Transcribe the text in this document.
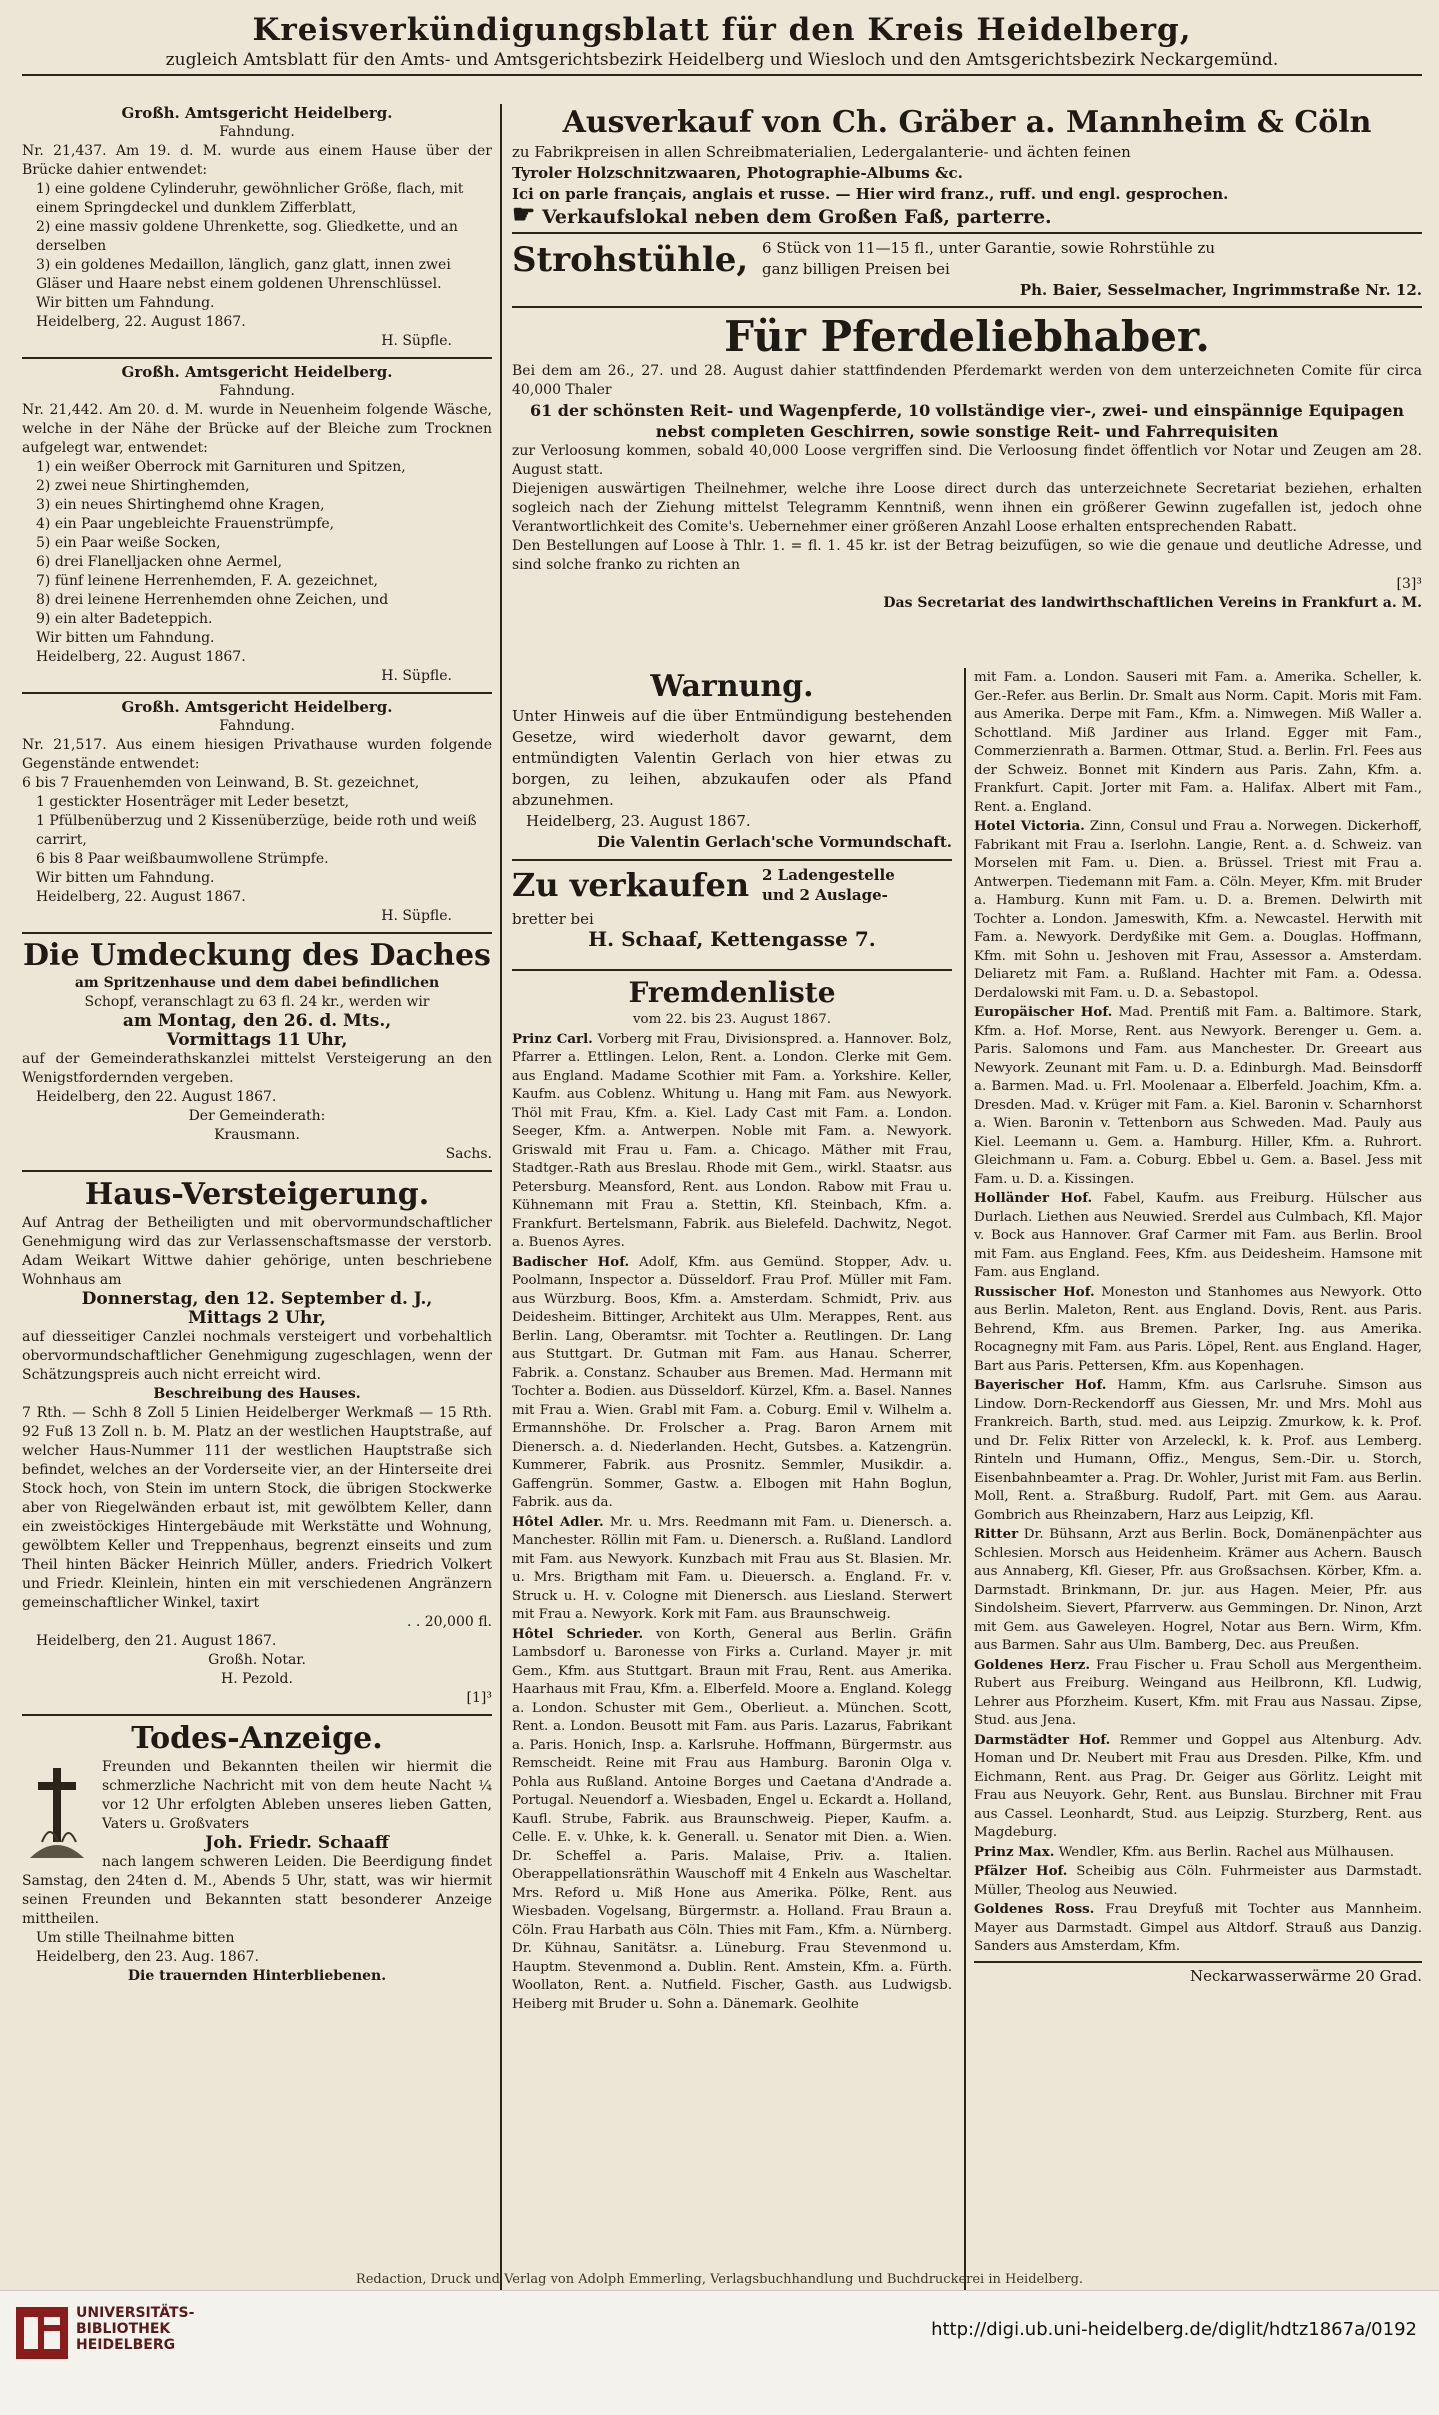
Kreisverkündigungsblatt für den Kreis Heidelberg,
zugleich Amtsblatt für den Amts- und Amtsgerichtsbezirk Heidelberg und Wiesloch und den Amtsgerichtsbezirk Neckargemünd.
Großh. Amtsgericht Heidelberg.
Fahndung.
Nr. 21,437. Am 19. d. M. wurde aus einem Hause über der Brücke dahier entwendet:
1) eine goldene Cylinderuhr, gewöhnlicher Größe, flach, mit einem Springdeckel und dunklem Zifferblatt,
2) eine massiv goldene Uhrenkette, sog. Gliedkette, und an derselben
3) ein goldenes Medaillon, länglich, ganz glatt, innen zwei Gläser und Haare nebst einem goldenen Uhrenschlüssel.
Wir bitten um Fahndung.
Heidelberg, 22. August 1867.
H. Süpfle.
Großh. Amtsgericht Heidelberg.
Fahndung.
Nr. 21,442. Am 20. d. M. wurde in Neuenheim folgende Wäsche, welche in der Nähe der Brücke auf der Bleiche zum Trocknen aufgelegt war, entwendet:
1) ein weißer Oberrock mit Garnituren und Spitzen,
2) zwei neue Shirtinghemden,
3) ein neues Shirtinghemd ohne Kragen,
4) ein Paar ungebleichte Frauenstrümpfe,
5) ein Paar weiße Socken,
6) drei Flanelljacken ohne Aermel,
7) fünf leinene Herrenhemden, F. A. gezeichnet,
8) drei leinene Herrenhemden ohne Zeichen, und
9) ein alter Badeteppich.
Wir bitten um Fahndung.
Heidelberg, 22. August 1867.
H. Süpfle.
Großh. Amtsgericht Heidelberg.
Fahndung.
Nr. 21,517. Aus einem hiesigen Privathause wurden folgende Gegenstände entwendet:
6 bis 7 Frauenhemden von Leinwand, B. St. gezeichnet,
1 gestickter Hosenträger mit Leder besetzt,
1 Pfülbenüberzug und 2 Kissenüberzüge, beide roth und weiß carrirt,
6 bis 8 Paar weißbaumwollene Strümpfe.
Wir bitten um Fahndung.
Heidelberg, 22. August 1867.
H. Süpfle.
Die Umdeckung des Daches
am Spritzenhause und dem dabei befindlichen
Schopf, veranschlagt zu 63 fl. 24 kr., werden wir
am Montag, den 26. d. Mts.,
Vormittags 11 Uhr,
auf der Gemeinderathskanzlei mittelst Versteigerung an den Wenigstfordernden vergeben.
Heidelberg, den 22. August 1867.
Der Gemeinderath:
Krausmann.
Sachs.
Haus-Versteigerung.
Auf Antrag der Betheiligten und mit obervormundschaftlicher Genehmigung wird das zur Verlassenschaftsmasse der verstorb. Adam Weikart Wittwe dahier gehörige, unten beschriebene Wohnhaus am
Donnerstag, den 12. September d. J.,
Mittags 2 Uhr,
auf diesseitiger Canzlei nochmals versteigert und vorbehaltlich obervormundschaftlicher Genehmigung zugeschlagen, wenn der Schätzungspreis auch nicht erreicht wird.
Beschreibung des Hauses.
7 Rth. — Schh 8 Zoll 5 Linien Heidelberger Werkmaß — 15 Rth. 92 Fuß 13 Zoll n. b. M. Platz an der westlichen Hauptstraße, auf welcher Haus-Nummer 111 der westlichen Hauptstraße sich befindet, welches an der Vorderseite vier, an der Hinterseite drei Stock hoch, von Stein im untern Stock, die übrigen Stockwerke aber von Riegelwänden erbaut ist, mit gewölbtem Keller, dann ein zweistöckiges Hintergebäude mit Werkstätte und Wohnung, gewölbtem Keller und Treppenhaus, begrenzt einseits und zum Theil hinten Bäcker Heinrich Müller, anders. Friedrich Volkert und Friedr. Kleinlein, hinten ein mit verschiedenen Angränzern gemeinschaftlicher Winkel, taxirt
. . 20,000 fl.
Heidelberg, den 21. August 1867.
Großh. Notar.
H. Pezold.
[1]³
Todes-Anzeige.
Freunden und Bekannten theilen wir hiermit die schmerzliche Nachricht mit von dem heute Nacht ¼ vor 12 Uhr erfolgten Ableben unseres lieben Gatten, Vaters u. Großvaters
Joh. Friedr. Schaaff
nach langem schweren Leiden. Die Beerdigung findet Samstag, den 24ten d. M., Abends 5 Uhr, statt, was wir hiermit seinen Freunden und Bekannten statt besonderer Anzeige mittheilen.
Um stille Theilnahme bitten
Heidelberg, den 23. Aug. 1867.
Die trauernden Hinterbliebenen.
Ausverkauf von Ch. Gräber a. Mannheim & Cöln
zu Fabrikpreisen in allen Schreibmaterialien, Ledergalanterie- und ächten feinen
Tyroler Holzschnitzwaaren, Photographie-Albums &c.
Ici on parle français, anglais et russe. — Hier wird franz., ruff. und engl. gesprochen.
☛ Verkaufslokal neben dem Großen Faß, parterre.
Strohstühle, 6 Stück von 11—15 fl., unter Garantie, sowie Rohrstühle zu
ganz billigen Preisen bei
Ph. Baier, Sesselmacher, Ingrimmstraße Nr. 12.
Für Pferdeliebhaber.
Bei dem am 26., 27. und 28. August dahier stattfindenden Pferdemarkt werden von dem unterzeichneten Comite für circa 40,000 Thaler
61 der schönsten Reit- und Wagenpferde, 10 vollständige vier-, zwei- und einspännige Equipagen nebst completen Geschirren, sowie sonstige Reit- und Fahrrequisiten
zur Verloosung kommen, sobald 40,000 Loose vergriffen sind. Die Verloosung findet öffentlich vor Notar und Zeugen am 28. August statt.
Diejenigen auswärtigen Theilnehmer, welche ihre Loose direct durch das unterzeichnete Secretariat beziehen, erhalten sogleich nach der Ziehung mittelst Telegramm Kenntniß, wenn ihnen ein größerer Gewinn zugefallen ist, jedoch ohne Verantwortlichkeit des Comite's. Uebernehmer einer größeren Anzahl Loose erhalten entsprechenden Rabatt.
Den Bestellungen auf Loose à Thlr. 1. = fl. 1. 45 kr. ist der Betrag beizufügen, so wie die genaue und deutliche Adresse, und sind solche franko zu richten an
[3]³
Das Secretariat des landwirthschaftlichen Vereins in Frankfurt a. M.
Warnung.
Unter Hinweis auf die über Entmündigung bestehenden Gesetze, wird wiederholt davor gewarnt, dem entmündigten Valentin Gerlach von hier etwas zu borgen, zu leihen, abzukaufen oder als Pfand abzunehmen.
Heidelberg, 23. August 1867.
Die Valentin Gerlach'sche Vormundschaft.
Zu verkaufen 2 Ladengestelle
und 2 Auslage-
bretter bei
H. Schaaf, Kettengasse 7.
Fremdenliste
vom 22. bis 23. August 1867.
Prinz Carl. Vorberg mit Frau, Divisionspred. a. Hannover. Bolz, Pfarrer a. Ettlingen. Lelon, Rent. a. London. Clerke mit Gem. aus England. Madame Scothier mit Fam. a. Yorkshire. Keller, Kaufm. aus Coblenz. Whitung u. Hang mit Fam. aus Newyork. Thöl mit Frau, Kfm. a. Kiel. Lady Cast mit Fam. a. London. Seeger, Kfm. a. Antwerpen. Noble mit Fam. a. Newyork. Griswald mit Frau u. Fam. a. Chicago. Mäther mit Frau, Stadtger.-Rath aus Breslau. Rhode mit Gem., wirkl. Staatsr. aus Petersburg. Meansford, Rent. aus London. Rabow mit Frau u. Kühnemann mit Frau a. Stettin, Kfl. Steinbach, Kfm. a. Frankfurt. Bertelsmann, Fabrik. aus Bielefeld. Dachwitz, Negot. a. Buenos Ayres.
Badischer Hof. Adolf, Kfm. aus Gemünd. Stopper, Adv. u. Poolmann, Inspector a. Düsseldorf. Frau Prof. Müller mit Fam. aus Würzburg. Boos, Kfm. a. Amsterdam. Schmidt, Priv. aus Deidesheim. Bittinger, Architekt aus Ulm. Merappes, Rent. aus Berlin. Lang, Oberamtsr. mit Tochter a. Reutlingen. Dr. Lang aus Stuttgart. Dr. Gutman mit Fam. aus Hanau. Scherrer, Fabrik. a. Constanz. Schauber aus Bremen. Mad. Hermann mit Tochter a. Bodien. aus Düsseldorf. Kürzel, Kfm. a. Basel. Nannes mit Frau a. Wien. Grabl mit Fam. a. Coburg. Emil v. Wilhelm a. Ermannshöhe. Dr. Frolscher a. Prag. Baron Arnem mit Dienersch. a. d. Niederlanden. Hecht, Gutsbes. a. Katzengrün. Kummerer, Fabrik. aus Prosnitz. Semmler, Musikdir. a. Gaffengrün. Sommer, Gastw. a. Elbogen mit Hahn Boglun, Fabrik. aus da.
Hôtel Adler. Mr. u. Mrs. Reedmann mit Fam. u. Dienersch. a. Manchester. Röllin mit Fam. u. Dienersch. a. Rußland. Landlord mit Fam. aus Newyork. Kunzbach mit Frau aus St. Blasien. Mr. u. Mrs. Brigtham mit Fam. u. Dieuersch. a. England. Fr. v. Struck u. H. v. Cologne mit Dienersch. aus Liesland. Sterwert mit Frau a. Newyork. Kork mit Fam. aus Braunschweig.
Hôtel Schrieder. von Korth, General aus Berlin. Gräfin Lambsdorf u. Baronesse von Firks a. Curland. Mayer jr. mit Gem., Kfm. aus Stuttgart. Braun mit Frau, Rent. aus Amerika. Haarhaus mit Frau, Kfm. a. Elberfeld. Moore a. England. Kolegg a. London. Schuster mit Gem., Oberlieut. a. München. Scott, Rent. a. London. Beusott mit Fam. aus Paris. Lazarus, Fabrikant a. Paris. Honich, Insp. a. Karlsruhe. Hoffmann, Bürgermstr. aus Remscheidt. Reine mit Frau aus Hamburg. Baronin Olga v. Pohla aus Rußland. Antoine Borges und Caetana d'Andrade a. Portugal. Neuendorf a. Wiesbaden, Engel u. Eckardt a. Holland, Kaufl. Strube, Fabrik. aus Braunschweig. Pieper, Kaufm. a. Celle. E. v. Uhke, k. k. Generall. u. Senator mit Dien. a. Wien. Dr. Scheffel a. Paris. Malaise, Priv. a. Italien. Oberappellationsräthin Wauschoff mit 4 Enkeln aus Wascheltar. Mrs. Reford u. Miß Hone aus Amerika. Pölke, Rent. aus Wiesbaden. Vogelsang, Bürgermstr. a. Holland. Frau Braun a. Cöln. Frau Harbath aus Cöln. Thies mit Fam., Kfm. a. Nürnberg. Dr. Kühnau, Sanitätsr. a. Lüneburg. Frau Stevenmond u. Hauptm. Stevenmond a. Dublin. Rent. Amstein, Kfm. a. Fürth. Woollaton, Rent. a. Nutfield. Fischer, Gasth. aus Ludwigsb. Heiberg mit Bruder u. Sohn a. Dänemark. Geolhite
mit Fam. a. London. Sauseri mit Fam. a. Amerika. Scheller, k. Ger.-Refer. aus Berlin. Dr. Smalt aus Norm. Capit. Moris mit Fam. aus Amerika. Derpe mit Fam., Kfm. a. Nimwegen. Miß Waller a. Schottland. Miß Jardiner aus Irland. Egger mit Fam., Commerzienrath a. Barmen. Ottmar, Stud. a. Berlin. Frl. Fees aus der Schweiz. Bonnet mit Kindern aus Paris. Zahn, Kfm. a. Frankfurt. Capit. Jorter mit Fam. a. Halifax. Albert mit Fam., Rent. a. England.
Hotel Victoria. Zinn, Consul und Frau a. Norwegen. Dickerhoff, Fabrikant mit Frau a. Iserlohn. Langie, Rent. a. d. Schweiz. van Morselen mit Fam. u. Dien. a. Brüssel. Triest mit Frau a. Antwerpen. Tiedemann mit Fam. a. Cöln. Meyer, Kfm. mit Bruder a. Hamburg. Kunn mit Fam. u. D. a. Bremen. Delwirth mit Tochter a. London. Jameswith, Kfm. a. Newcastel. Herwith mit Fam. a. Newyork. Derdyßike mit Gem. a. Douglas. Hoffmann, Kfm. mit Sohn u. Jeshoven mit Frau, Assessor a. Amsterdam. Deliaretz mit Fam. a. Rußland. Hachter mit Fam. a. Odessa. Derdalowski mit Fam. u. D. a. Sebastopol.
Europäischer Hof. Mad. Prentiß mit Fam. a. Baltimore. Stark, Kfm. a. Hof. Morse, Rent. aus Newyork. Berenger u. Gem. a. Paris. Salomons und Fam. aus Manchester. Dr. Greeart aus Newyork. Zeunant mit Fam. u. D. a. Edinburgh. Mad. Beinsdorff a. Barmen. Mad. u. Frl. Moolenaar a. Elberfeld. Joachim, Kfm. a. Dresden. Mad. v. Krüger mit Fam. a. Kiel. Baronin v. Scharnhorst a. Wien. Baronin v. Tettenborn aus Schweden. Mad. Pauly aus Kiel. Leemann u. Gem. a. Hamburg. Hiller, Kfm. a. Ruhrort. Gleichmann u. Fam. a. Coburg. Ebbel u. Gem. a. Basel. Jess mit Fam. u. D. a. Kissingen.
Holländer Hof. Fabel, Kaufm. aus Freiburg. Hülscher aus Durlach. Liethen aus Neuwied. Srerdel aus Culmbach, Kfl. Major v. Bock aus Hannover. Graf Carmer mit Fam. aus Berlin. Brool mit Fam. aus England. Fees, Kfm. aus Deidesheim. Hamsone mit Fam. aus England.
Russischer Hof. Moneston und Stanhomes aus Newyork. Otto aus Berlin. Maleton, Rent. aus England. Dovis, Rent. aus Paris. Behrend, Kfm. aus Bremen. Parker, Ing. aus Amerika. Rocagnegny mit Fam. aus Paris. Löpel, Rent. aus England. Hager, Bart aus Paris. Pettersen, Kfm. aus Kopenhagen.
Bayerischer Hof. Hamm, Kfm. aus Carlsruhe. Simson aus Lindow. Dorn-Reckendorff aus Giessen, Mr. und Mrs. Mohl aus Frankreich. Barth, stud. med. aus Leipzig. Zmurkow, k. k. Prof. und Dr. Felix Ritter von Arzeleckl, k. k. Prof. aus Lemberg. Rinteln und Humann, Offiz., Mengus, Sem.-Dir. u. Storch, Eisenbahnbeamter a. Prag. Dr. Wohler, Jurist mit Fam. aus Berlin. Moll, Rent. a. Straßburg. Rudolf, Part. mit Gem. aus Aarau. Gombrich aus Rheinzabern, Harz aus Leipzig, Kfl.
Ritter Dr. Bühsann, Arzt aus Berlin. Bock, Domänenpächter aus Schlesien. Morsch aus Heidenheim. Krämer aus Achern. Bausch aus Annaberg, Kfl. Gieser, Pfr. aus Großsachsen. Körber, Kfm. a. Darmstadt. Brinkmann, Dr. jur. aus Hagen. Meier, Pfr. aus Sindolsheim. Sievert, Pfarrverw. aus Gemmingen. Dr. Ninon, Arzt mit Gem. aus Gaweleyen. Hogrel, Notar aus Bern. Wirm, Kfm. aus Barmen. Sahr aus Ulm. Bamberg, Dec. aus Preußen.
Goldenes Herz. Frau Fischer u. Frau Scholl aus Mergentheim. Rubert aus Freiburg. Weingand aus Heilbronn, Kfl. Ludwig, Lehrer aus Pforzheim. Kusert, Kfm. mit Frau aus Nassau. Zipse, Stud. aus Jena.
Darmstädter Hof. Remmer und Goppel aus Altenburg. Adv. Homan und Dr. Neubert mit Frau aus Dresden. Pilke, Kfm. und Eichmann, Rent. aus Prag. Dr. Geiger aus Görlitz. Leight mit Frau aus Neuyork. Gehr, Rent. aus Bunslau. Birchner mit Frau aus Cassel. Leonhardt, Stud. aus Leipzig. Sturzberg, Rent. aus Magdeburg.
Prinz Max. Wendler, Kfm. aus Berlin. Rachel aus Mülhausen.
Pfälzer Hof. Scheibig aus Cöln. Fuhrmeister aus Darmstadt. Müller, Theolog aus Neuwied.
Goldenes Ross. Frau Dreyfuß mit Tochter aus Mannheim. Mayer aus Darmstadt. Gimpel aus Altdorf. Strauß aus Danzig. Sanders aus Amsterdam, Kfm.
Neckarwasserwärme 20 Grad.
Redaction, Druck und Verlag von Adolph Emmerling, Verlagsbuchhandlung und Buchdruckerei in Heidelberg.
UNIVERSITÄTS-
BIBLIOTHEK
HEIDELBERG
http://digi.ub.uni-heidelberg.de/diglit/hdtz1867a/0192
